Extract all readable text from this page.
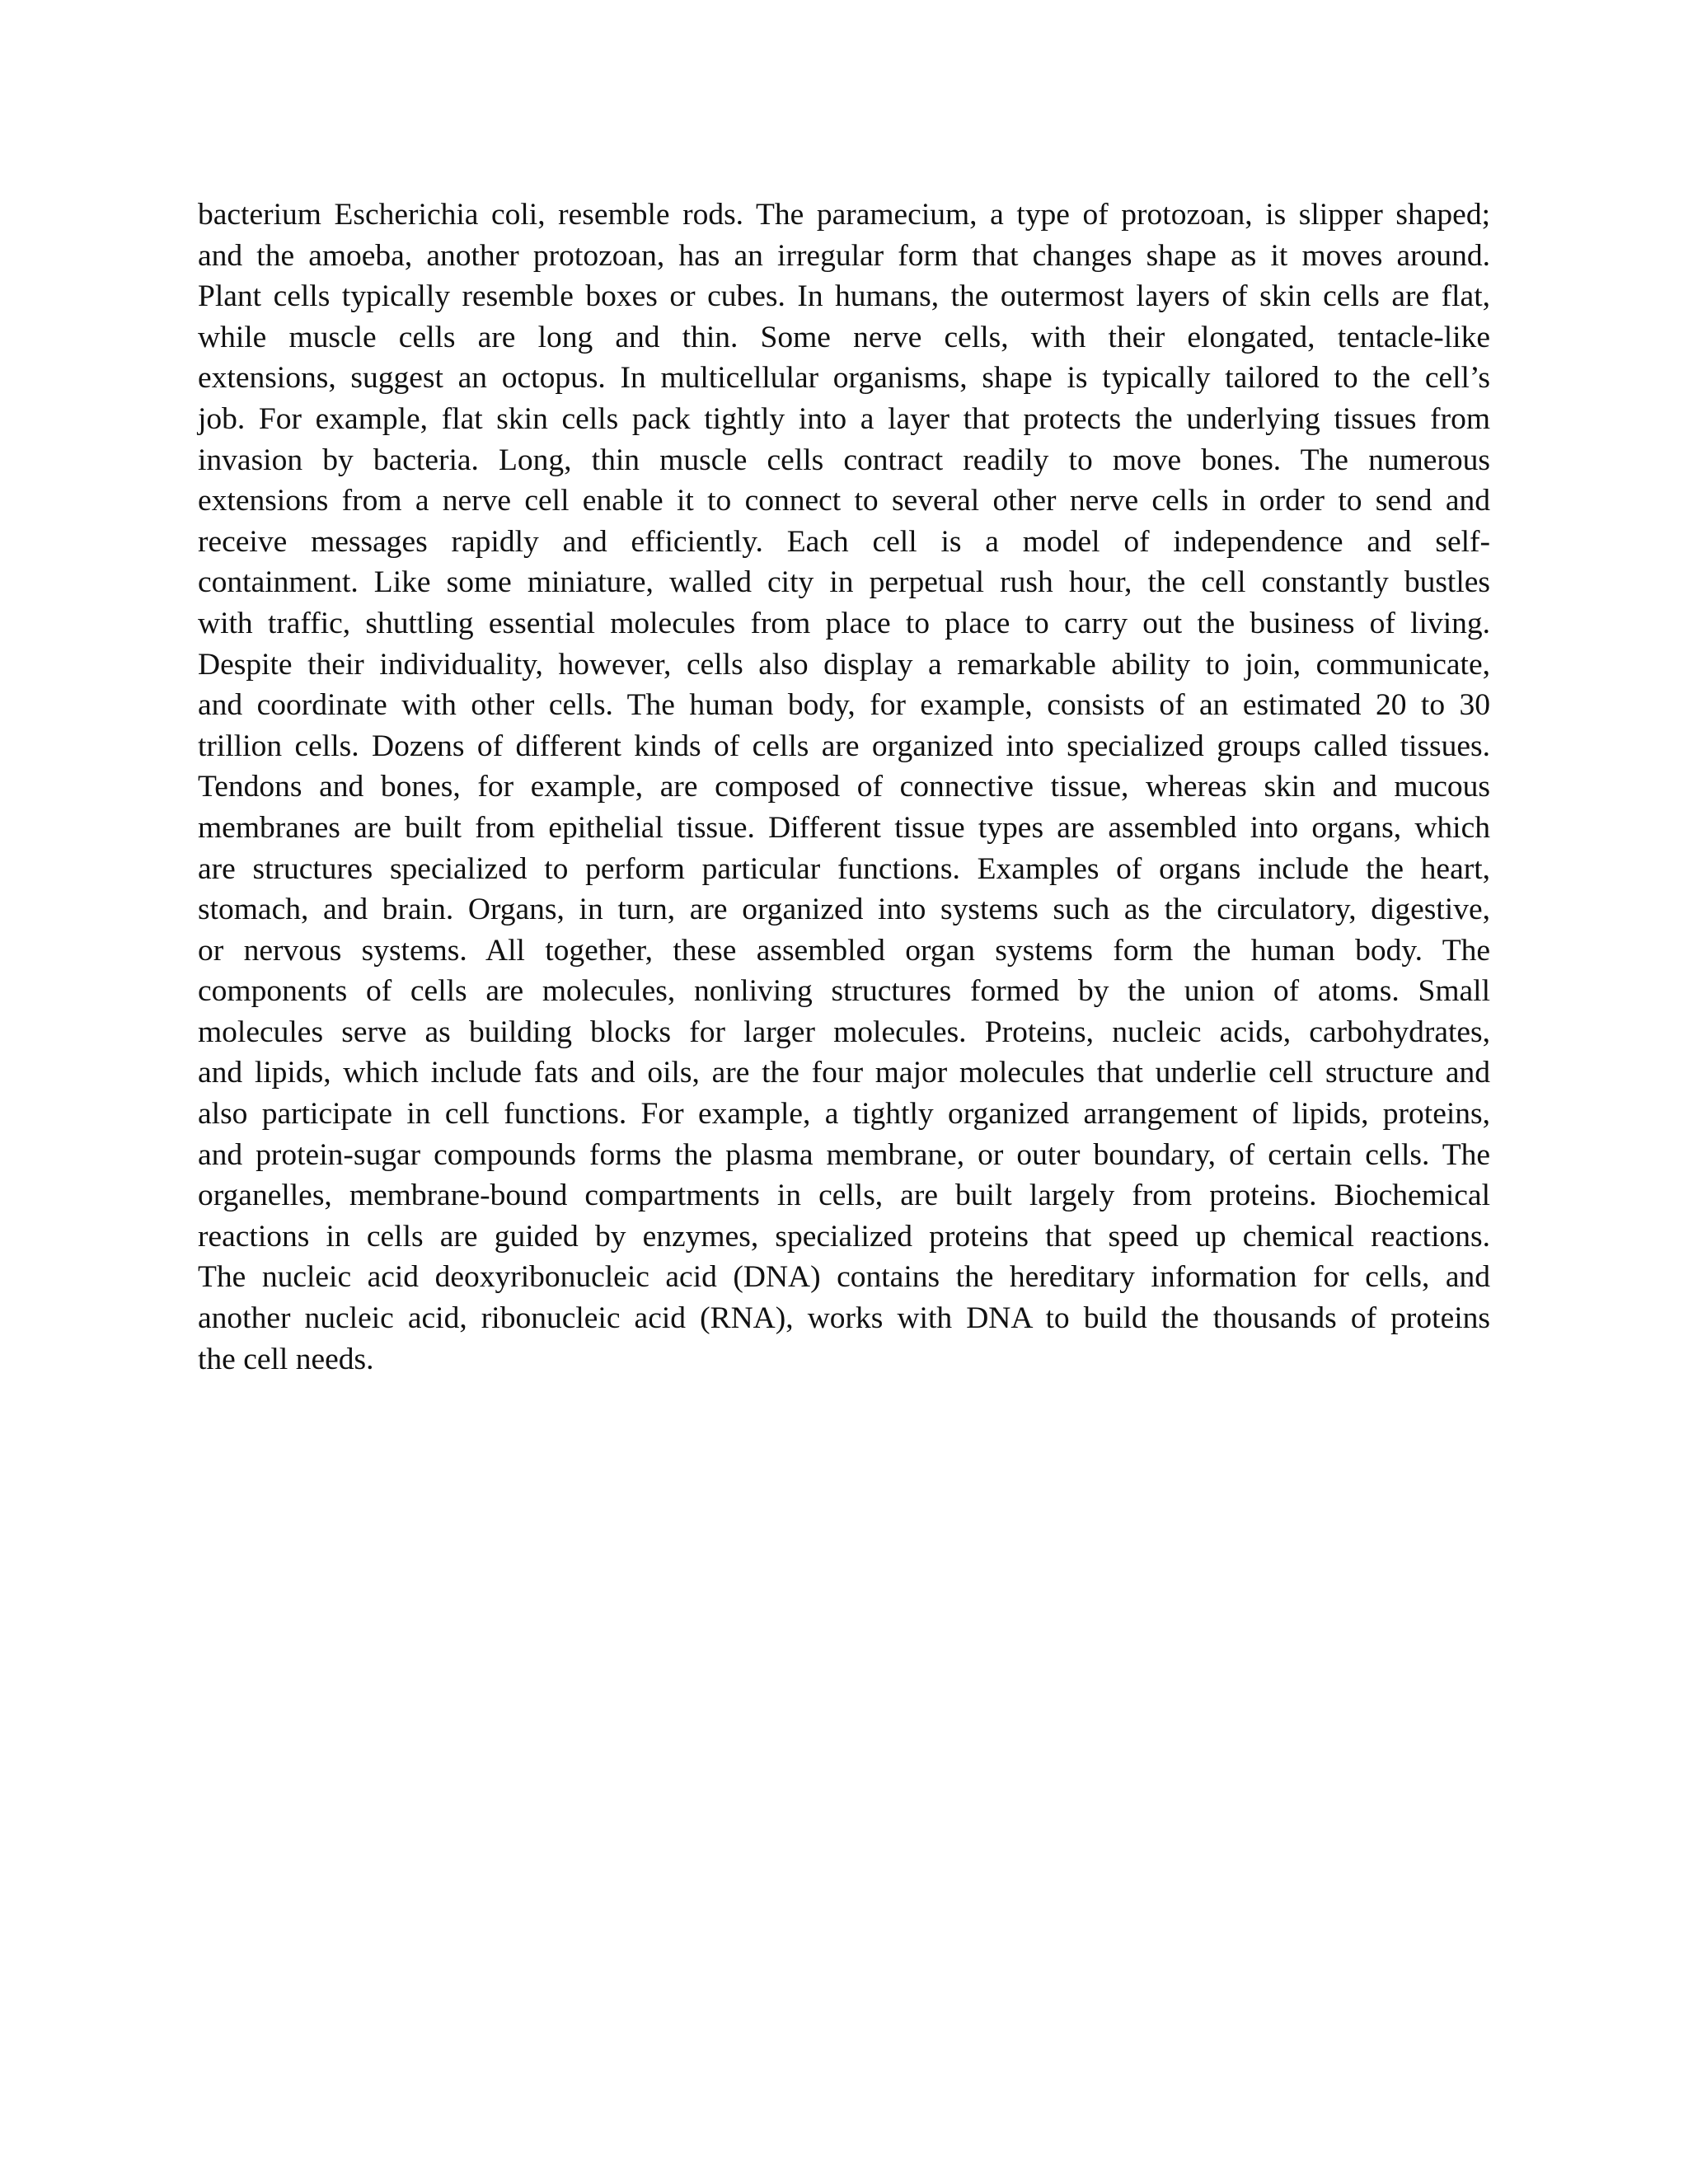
bacterium Escherichia coli, resemble rods. The paramecium, a type of protozoan, is slipper shaped;
and the amoeba, another protozoan, has an irregular form that changes shape as it moves around.
Plant cells typically resemble boxes or cubes. In humans, the outermost layers of skin cells are flat,
while muscle cells are long and thin. Some nerve cells, with their elongated, tentacle-like
extensions, suggest an octopus. In multicellular organisms, shape is typically tailored to the cell’s
job. For example, flat skin cells pack tightly into a layer that protects the underlying tissues from
invasion by bacteria. Long, thin muscle cells contract readily to move bones. The numerous
extensions from a nerve cell enable it to connect to several other nerve cells in order to send and
receive messages rapidly and efficiently. Each cell is a model of independence and self-
containment. Like some miniature, walled city in perpetual rush hour, the cell constantly bustles
with traffic, shuttling essential molecules from place to place to carry out the business of living.
Despite their individuality, however, cells also display a remarkable ability to join, communicate,
and coordinate with other cells. The human body, for example, consists of an estimated 20 to 30
trillion cells. Dozens of different kinds of cells are organized into specialized groups called tissues.
Tendons and bones, for example, are composed of connective tissue, whereas skin and mucous
membranes are built from epithelial tissue. Different tissue types are assembled into organs, which
are structures specialized to perform particular functions. Examples of organs include the heart,
stomach, and brain. Organs, in turn, are organized into systems such as the circulatory, digestive,
or nervous systems. All together, these assembled organ systems form the human body. The
components of cells are molecules, nonliving structures formed by the union of atoms. Small
molecules serve as building blocks for larger molecules. Proteins, nucleic acids, carbohydrates,
and lipids, which include fats and oils, are the four major molecules that underlie cell structure and
also participate in cell functions. For example, a tightly organized arrangement of lipids, proteins,
and protein-sugar compounds forms the plasma membrane, or outer boundary, of certain cells. The
organelles, membrane-bound compartments in cells, are built largely from proteins. Biochemical
reactions in cells are guided by enzymes, specialized proteins that speed up chemical reactions.
The nucleic acid deoxyribonucleic acid (DNA) contains the hereditary information for cells, and
another nucleic acid, ribonucleic acid (RNA), works with DNA to build the thousands of proteins
the cell needs.
